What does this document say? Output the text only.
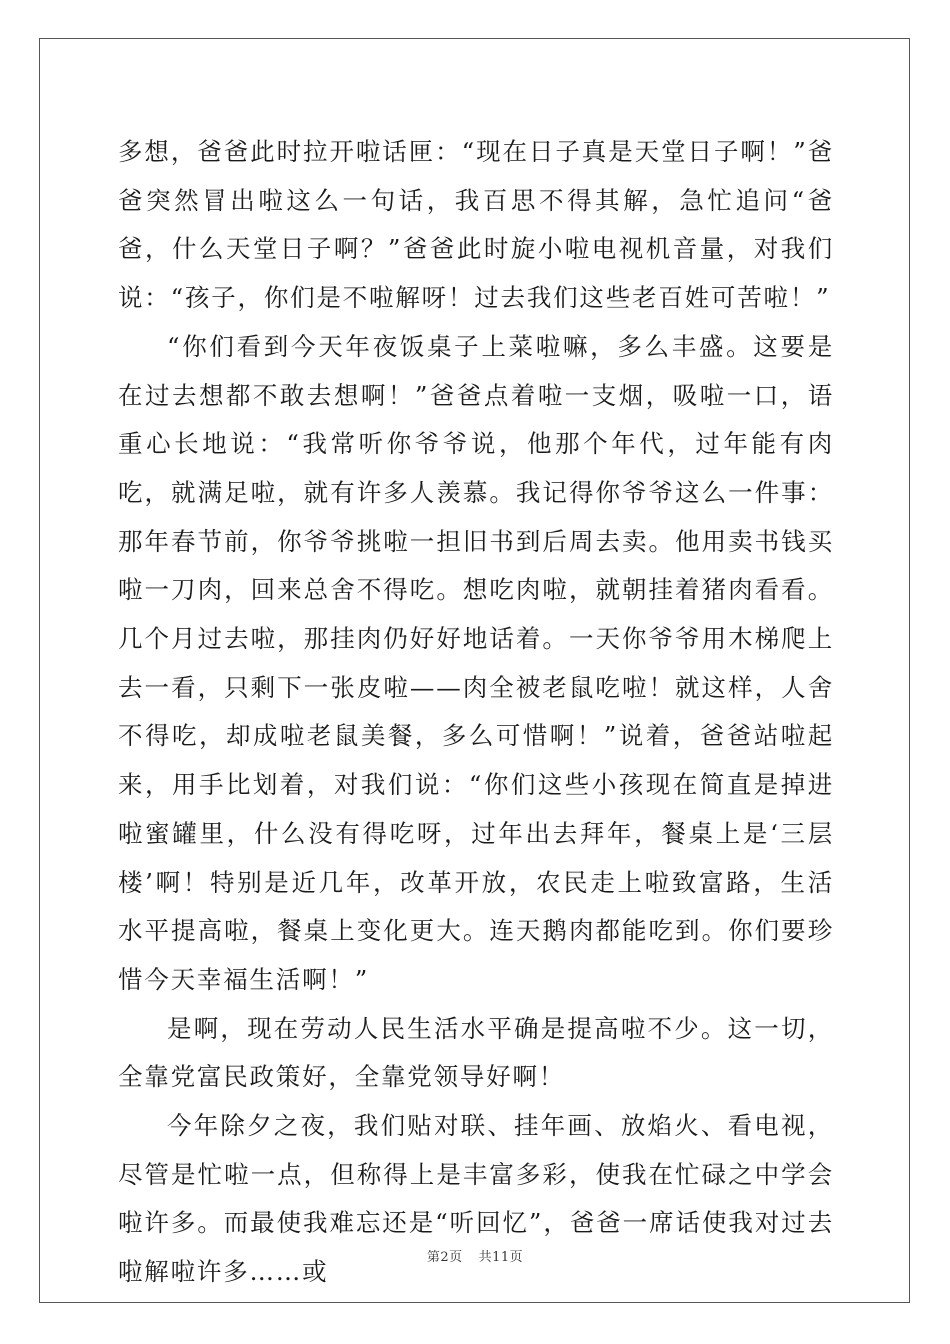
多想，爸爸此时拉开啦话匣：“现在日子真是天堂日子啊！”爸爸突然冒出啦这么一句话，我百思不得其解，急忙追问“爸爸，什么天堂日子啊？”爸爸此时旋小啦电视机音量，对我们说：“孩子，你们是不啦解呀！过去我们这些老百姓可苦啦！”

“你们看到今天年夜饭桌子上菜啦嘛，多么丰盛。这要是在过去想都不敢去想啊！”爸爸点着啦一支烟，吸啦一口，语重心长地说：“我常听你爷爷说，他那个年代，过年能有肉吃，就满足啦，就有许多人羡慕。我记得你爷爷这么一件事：那年春节前，你爷爷挑啦一担旧书到后周去卖。他用卖书钱买啦一刀肉，回来总舍不得吃。想吃肉啦，就朝挂着猪肉看看。几个月过去啦，那挂肉仍好好地话着。一天你爷爷用木梯爬上去一看，只剩下一张皮啦——肉全被老鼠吃啦！就这样，人舍不得吃，却成啦老鼠美餐，多么可惜啊！”说着，爸爸站啦起来，用手比划着，对我们说：“你们这些小孩现在简直是掉进啦蜜罐里，什么没有得吃呀，过年出去拜年，餐桌上是‘三层楼’啊！特别是近几年，改革开放，农民走上啦致富路，生活水平提高啦，餐桌上变化更大。连天鹅肉都能吃到。你们要珍惜今天幸福生活啊！”

是啊，现在劳动人民生活水平确是提高啦不少。这一切，全靠党富民政策好，全靠党领导好啊！

今年除夕之夜，我们贴对联、挂年画、放焰火、看电视，尽管是忙啦一点，但称得上是丰富多彩，使我在忙碌之中学会啦许多。而最使我难忘还是“听回忆”，爸爸一席话使我对过去啦解啦许多……或	第2页 共11页
